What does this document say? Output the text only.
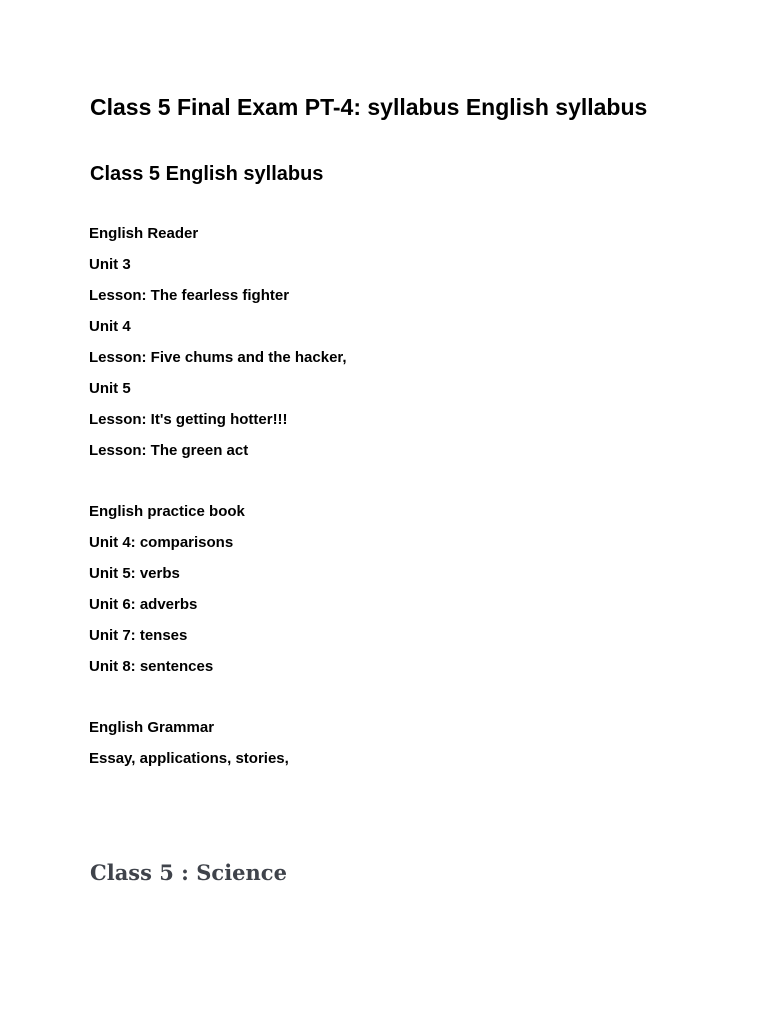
Class 5 Final Exam PT-4: syllabus English syllabus
Class 5 English syllabus

English Reader

Unit 3

Lesson: The fearless fighter

Unit 4

Lesson: Five chums and the hacker,

Unit 5

Lesson: It's getting hotter!!!

Lesson: The green act

English practice book

Unit 4: comparisons

Unit 5: verbs

Unit 6: adverbs

Unit 7: tenses

Unit 8: sentences

English Grammar

Essay, applications, stories,

Class 5 : Science
